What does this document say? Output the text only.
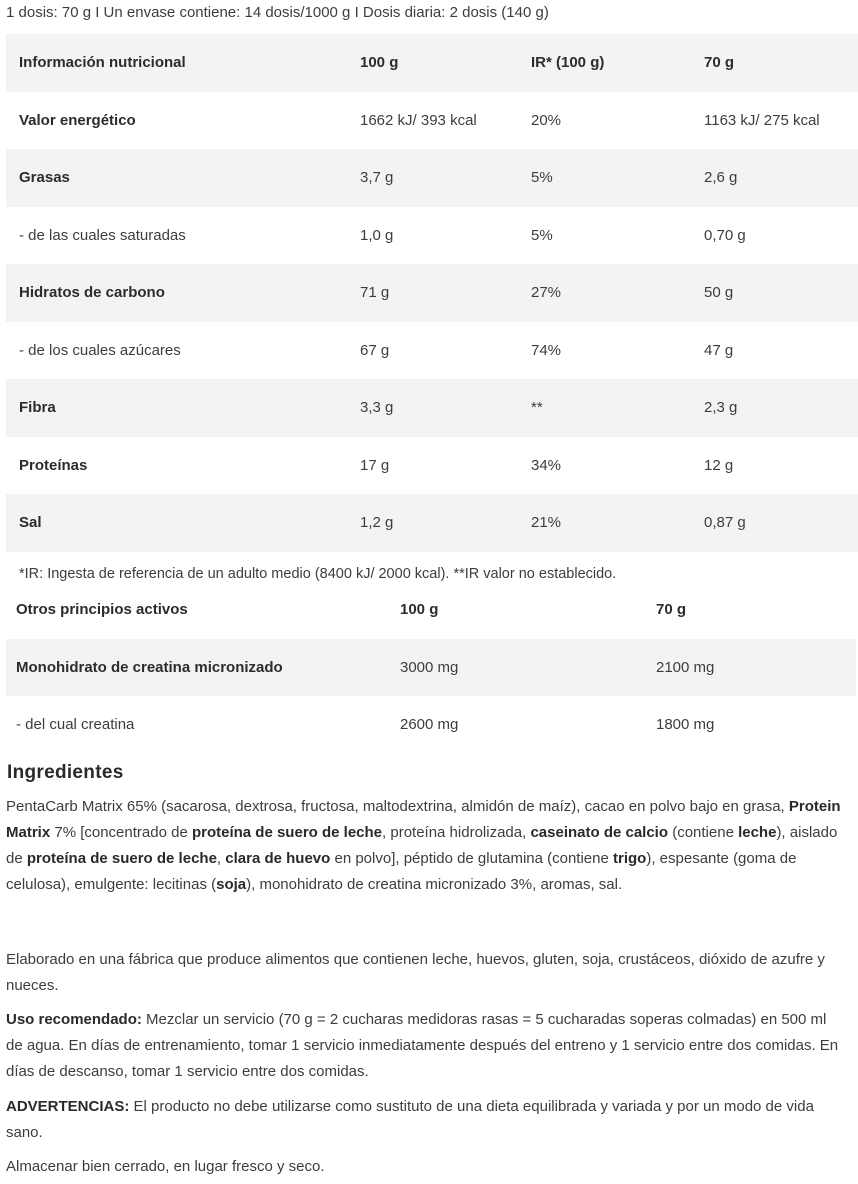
1 dosis: 70 g I Un envase contiene: 14 dosis/1000 g I Dosis diaria: 2 dosis (140 g)
Información nutricional	100 g	IR* (100 g)	70 g
Valor energético	1662 kJ/ 393 kcal	20%	1163 kJ/ 275 kcal
Grasas	3,7 g	5%	2,6 g
- de las cuales saturadas	1,0 g	5%	0,70 g
Hidratos de carbono	71 g	27%	50 g
- de los cuales azúcares	67 g	74%	47 g
Fibra	3,3 g	**	2,3 g
Proteínas	17 g	34%	12 g
Sal	1,2 g	21%	0,87 g
*IR: Ingesta de referencia de un adulto medio (8400 kJ/ 2000 kcal). **IR valor no establecido.
Otros principios activos	100 g	70 g
Monohidrato de creatina micronizado	3000 mg	2100 mg
- del cual creatina	2600 mg	1800 mg
Ingredientes

PentaCarb Matrix 65% (sacarosa, dextrosa, fructosa, maltodextrina, almidón de maíz), cacao en polvo bajo en grasa, Protein Matrix 7% [concentrado de proteína de suero de leche, proteína hidrolizada, caseinato de calcio (contiene leche), aislado de proteína de suero de leche, clara de huevo en polvo], péptido de glutamina (contiene trigo), espesante (goma de celulosa), emulgente: lecitinas (soja), monohidrato de creatina micronizado 3%, aromas, sal.

Elaborado en una fábrica que produce alimentos que contienen leche, huevos, gluten, soja, crustáceos, dióxido de azufre y nueces.

Uso recomendado: Mezclar un servicio (70 g = 2 cucharas medidoras rasas = 5 cucharadas soperas colmadas) en 500 ml de agua. En días de entrenamiento, tomar 1 servicio inmediatamente después del entreno y 1 servicio entre dos comidas. En días de descanso, tomar 1 servicio entre dos comidas.

ADVERTENCIAS: El producto no debe utilizarse como sustituto de una dieta equilibrada y variada y por un modo de vida sano.

Almacenar bien cerrado, en lugar fresco y seco.
